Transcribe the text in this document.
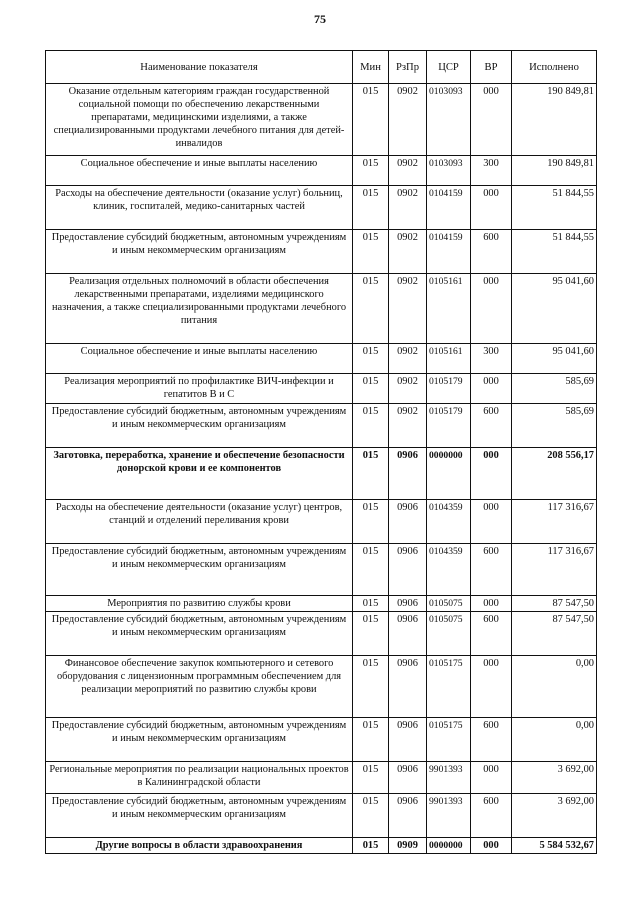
75
Наименование показателя	Мин	РзПр	ЦСР	ВР	Исполнено
Оказание отдельным категориям граждан государственной социальной помощи по обеспечению лекарственными препаратами, медицинскими изделиями, а также специализированными продуктами лечебного питания для детей-инвалидов	015	0902	0103093	000	190 849,81
Социальное обеспечение и иные выплаты населению	015	0902	0103093	300	190 849,81
Расходы на обеспечение деятельности (оказание услуг) больниц, клиник, госпиталей, медико-санитарных частей	015	0902	0104159	000	51 844,55
Предоставление субсидий бюджетным, автономным учреждениям и иным некоммерческим организациям	015	0902	0104159	600	51 844,55
Реализация отдельных полномочий в области обеспечения лекарственными препаратами, изделиями медицинского назначения, а также специализированными продуктами лечебного питания	015	0902	0105161	000	95 041,60
Социальное обеспечение и иные выплаты населению	015	0902	0105161	300	95 041,60
Реализация мероприятий по профилактике ВИЧ-инфекции и гепатитов B и C	015	0902	0105179	000	585,69
Предоставление субсидий бюджетным, автономным учреждениям и иным некоммерческим организациям	015	0902	0105179	600	585,69
Заготовка, переработка, хранение и обеспечение безопасности донорской крови и ее компонентов	015	0906	0000000	000	208 556,17
Расходы на обеспечение деятельности (оказание услуг) центров, станций и отделений переливания крови	015	0906	0104359	000	117 316,67
Предоставление субсидий бюджетным, автономным учреждениям и иным некоммерческим организациям	015	0906	0104359	600	117 316,67
Мероприятия по развитию службы крови	015	0906	0105075	000	87 547,50
Предоставление субсидий бюджетным, автономным учреждениям и иным некоммерческим организациям	015	0906	0105075	600	87 547,50
Финансовое обеспечение закупок компьютерного и сетевого оборудования с лицензионным программным обеспечением для реализации мероприятий по развитию службы крови	015	0906	0105175	000	0,00
Предоставление субсидий бюджетным, автономным учреждениям и иным некоммерческим организациям	015	0906	0105175	600	0,00
Региональные мероприятия по реализации национальных проектов в Калининградской области	015	0906	9901393	000	3 692,00
Предоставление субсидий бюджетным, автономным учреждениям и иным некоммерческим организациям	015	0906	9901393	600	3 692,00
Другие вопросы в области здравоохранения	015	0909	0000000	000	5 584 532,67
